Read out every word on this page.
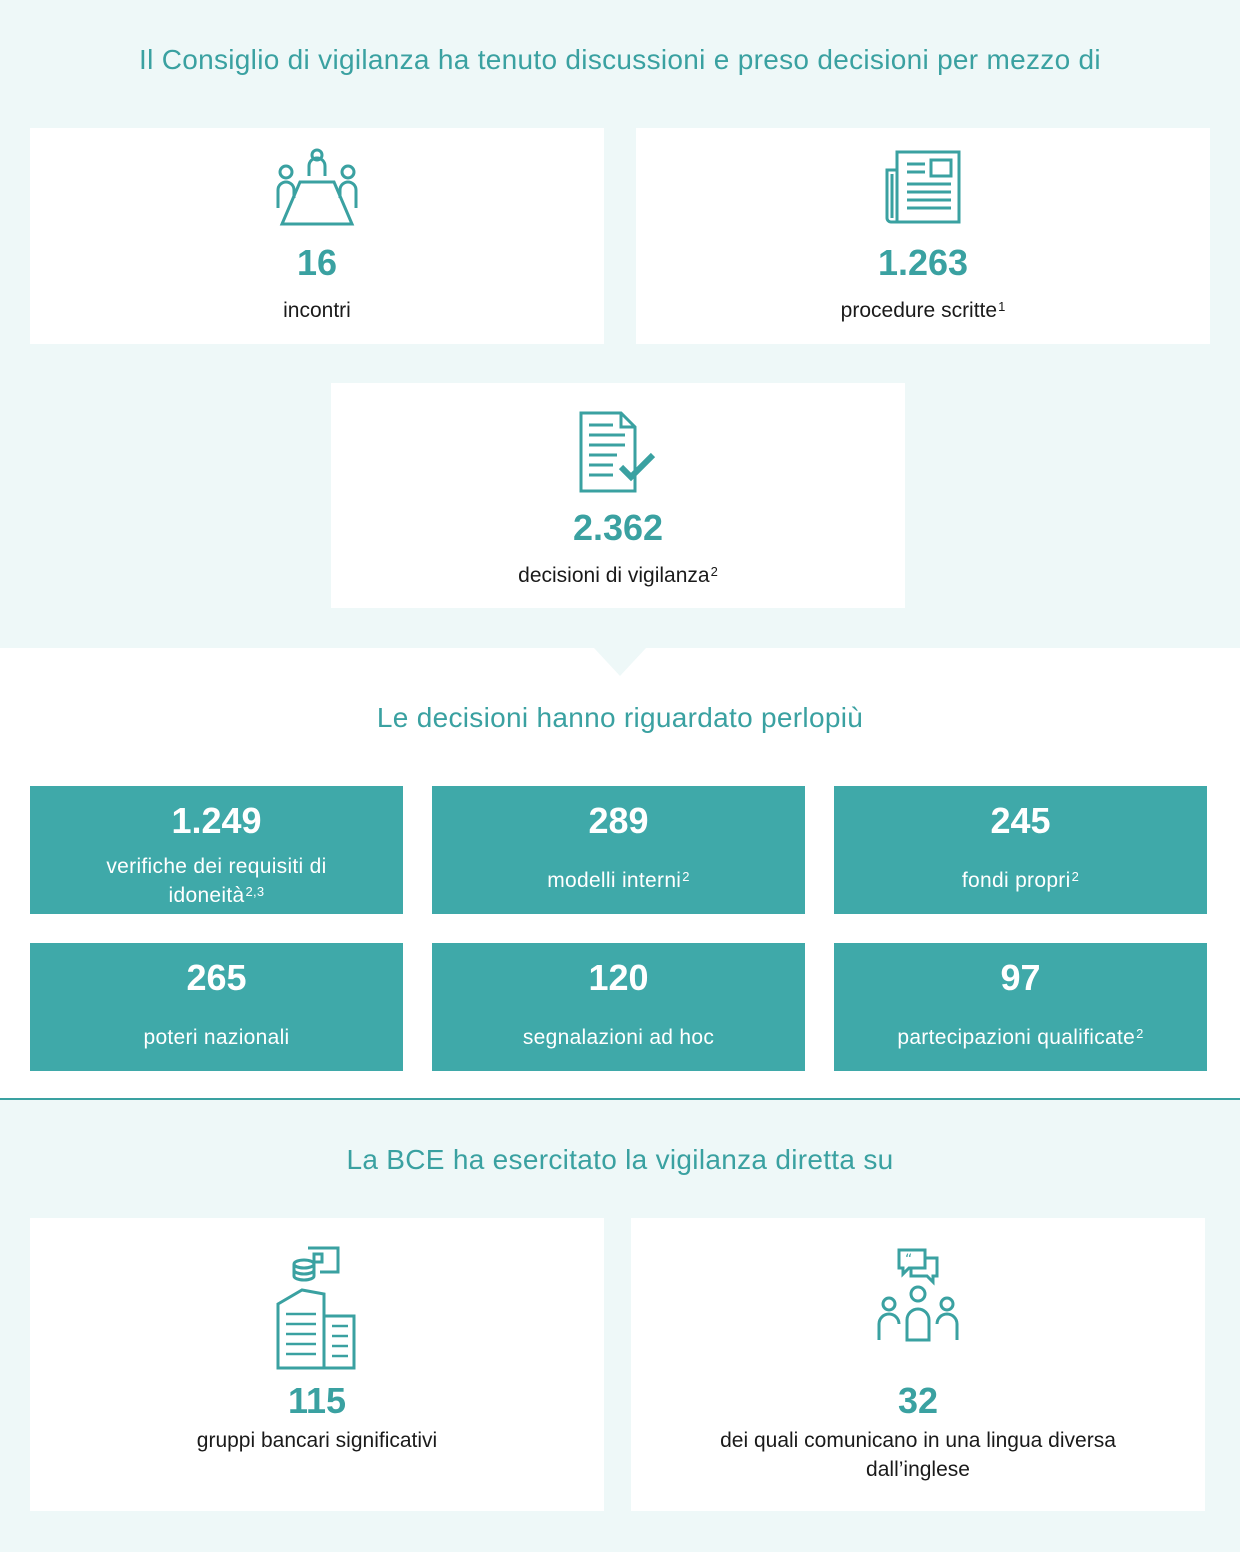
Il Consiglio di vigilanza ha tenuto discussioni e preso decisioni per mezzo di
16
incontri
1.263
procedure scritte$^1$
2.362
decisioni di vigilanza$^2$
Le decisioni hanno riguardato perlopiù
1.249
verifiche dei requisiti di
idoneità$^{2,3}$
289
modelli interni$^2$
245
fondi propri$^2$
265
poteri nazionali
120
segnalazioni ad hoc
97
partecipazioni qualificate$^2$
La BCE ha esercitato la vigilanza diretta su
115
gruppi bancari significativi
“
32
dei quali comunicano in una lingua diversa
dall’inglese
